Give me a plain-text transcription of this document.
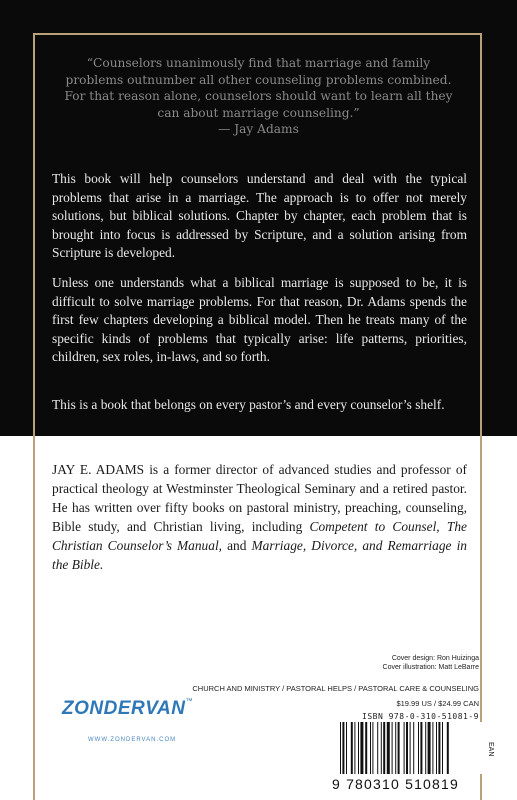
“Counselors unanimously find that marriage and family problems outnumber all other counseling problems combined. For that reason alone, counselors should want to learn all they can about marriage counseling.”
— Jay Adams
This book will help counselors understand and deal with the typical problems that arise in a marriage. The approach is to offer not merely solutions, but biblical solutions. Chapter by chapter, each problem that is brought into focus is addressed by Scripture, and a solution arising from Scripture is developed.
Unless one understands what a biblical marriage is supposed to be, it is difficult to solve marriage problems. For that reason, Dr. Adams spends the first few chapters developing a biblical model. Then he treats many of the specific kinds of problems that typically arise: life patterns, priorities, children, sex roles, in-laws, and so forth.
This is a book that belongs on every pastor’s and every counselor’s shelf.
JAY E. ADAMS is a former director of advanced studies and professor of practical theology at Westminster Theological Seminary and a retired pastor. He has written over fifty books on pastoral ministry, preaching, counseling, Bible study, and Christian living, including Competent to Counsel, The Christian Counselor’s Manual, and Marriage, Divorce, and Remarriage in the Bible.
Cover design: Ron Huizinga
Cover illustration: Matt LeBarre
CHURCH AND MINISTRY / PASTORAL HELPS / PASTORAL CARE & COUNSELING
$19.99 US / $24.99 CAN
ISBN 978-0-310-51081-9
ZONDERVAN™
WWW.ZONDERVAN.COM
9 780310 510819
EAN
